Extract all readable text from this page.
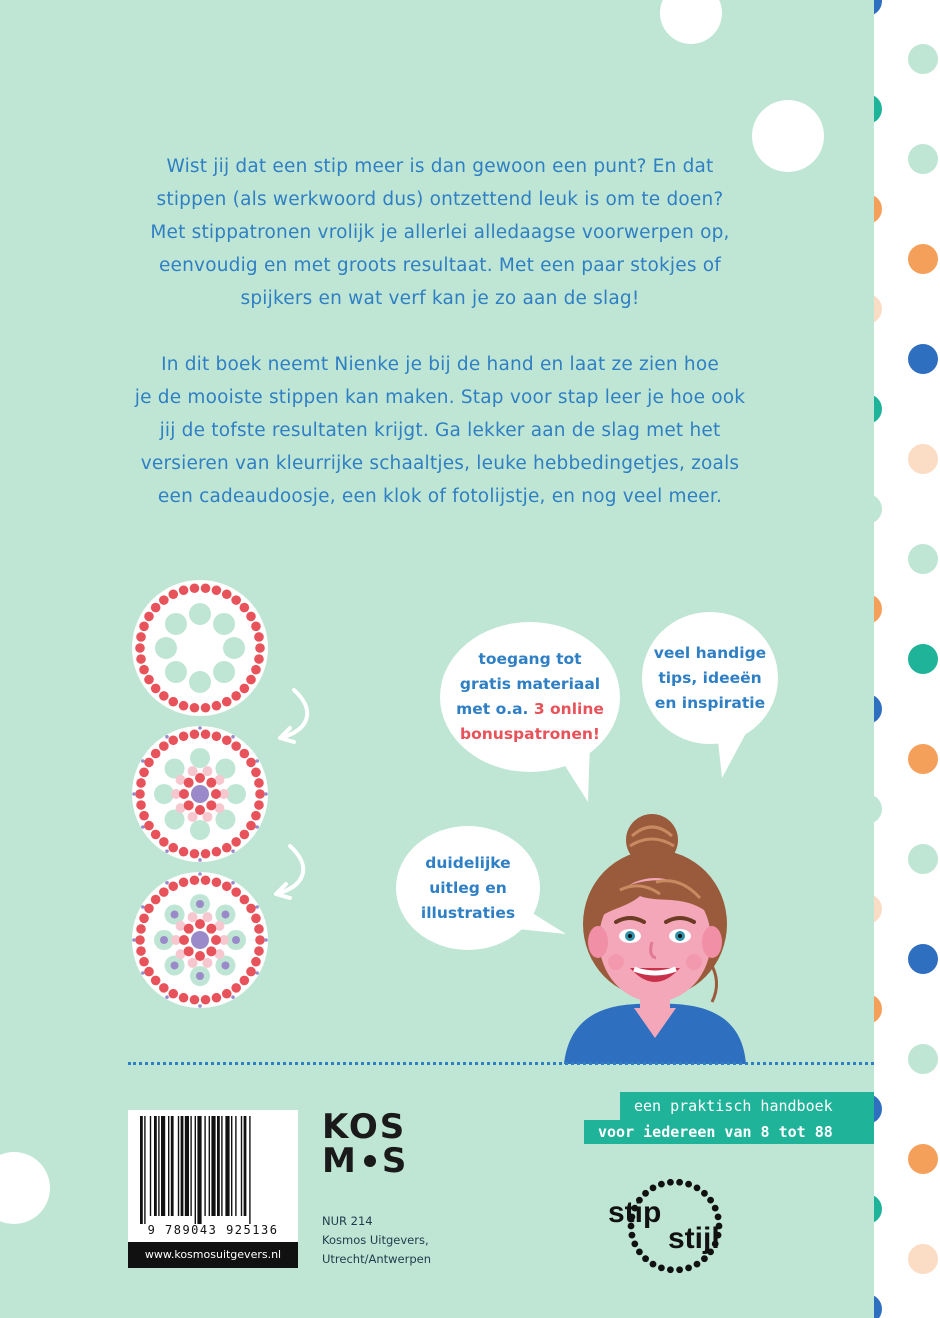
Wist jij dat een stip meer is dan gewoon een punt? En dat
stippen (als werkwoord dus) ontzettend leuk is om te doen?
Met stippatronen vrolijk je allerlei alledaagse voorwerpen op,
eenvoudig en met groots resultaat. Met een paar stokjes of
spijkers en wat verf kan je zo aan de slag!

In dit boek neemt Nienke je bij de hand en laat ze zien hoe
je de mooiste stippen kan maken. Stap voor stap leer je hoe ook
jij de tofste resultaten krijgt. Ga lekker aan de slag met het
versieren van kleurrijke schaaltjes, leuke hebbedingetjes, zoals
een cadeaudoosje, een klok of fotolijstje, en nog veel meer.

toegang tot
gratis materiaal
met o.a. 3 online
bonuspatronen!
veel handige
tips, ideeën
en inspiratie
duidelijke
uitleg en
illustraties
een praktisch handboek
voor iedereen van 8 tot 88
9 789043 925136
www.kosmosuitgevers.nl
KOS
M S
NUR 214
Kosmos Uitgevers,
Utrecht/Antwerpen
stip
stijl
